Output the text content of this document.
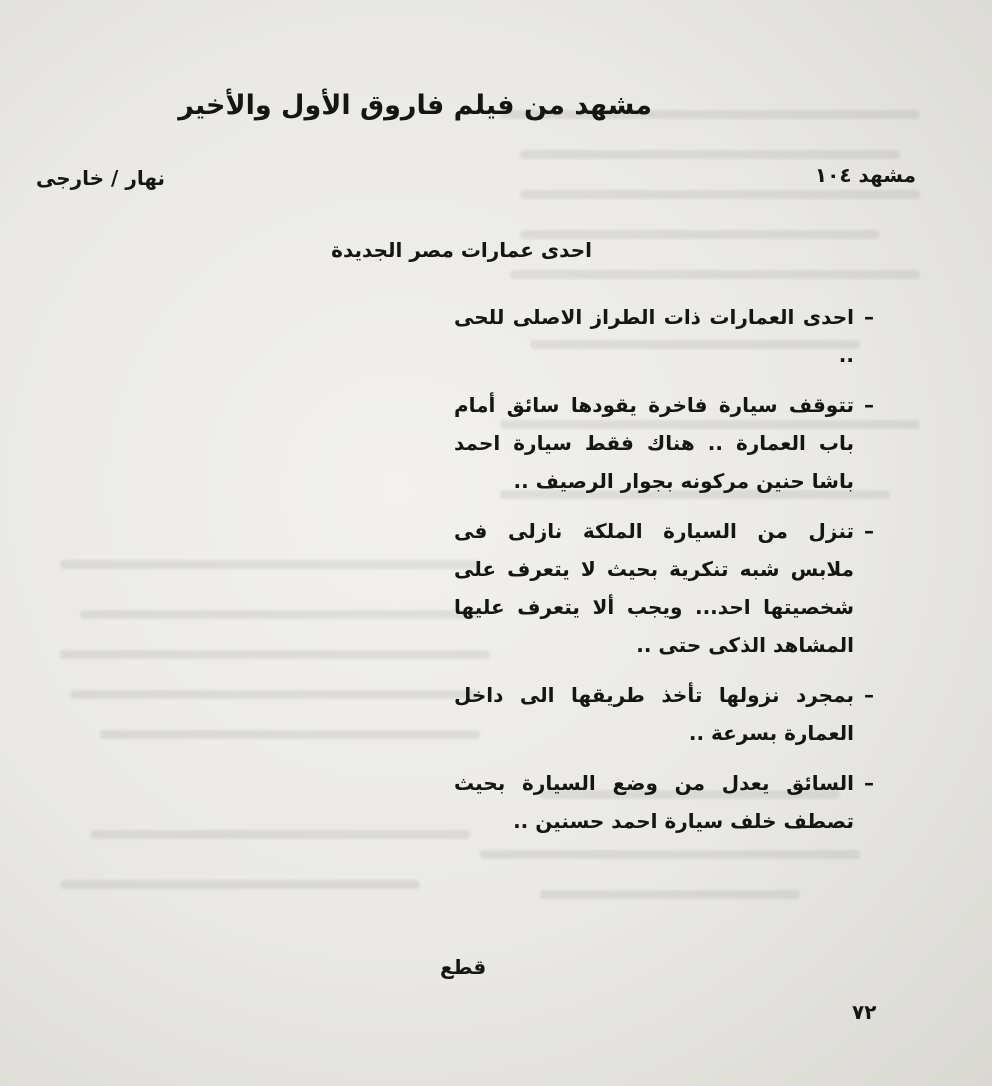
مشهد من فيلم فاروق الأول والأخير
مشهد ١٠٤
نهار / خارجى
احدى عمارات مصر الجديدة
–
احدى العمارات ذات الطراز الاصلى للحى ..
–
تتوقف سيارة فاخرة يقودها سائق أمام باب العمارة .. هناك فقط سيارة احمد باشا حنين مركونه بجوار الرصيف ..
–
تنزل من السيارة الملكة نازلى فى ملابس شبه تنكرية بحيث لا يتعرف على شخصيتها احد... ويجب ألا يتعرف عليها المشاهد الذكى حتى ..
–
بمجرد نزولها تأخذ طريقها الى داخل العمارة بسرعة ..
–
السائق يعدل من وضع السيارة بحيث تصطف خلف سيارة احمد حسنين ..
قطع
٧٢
